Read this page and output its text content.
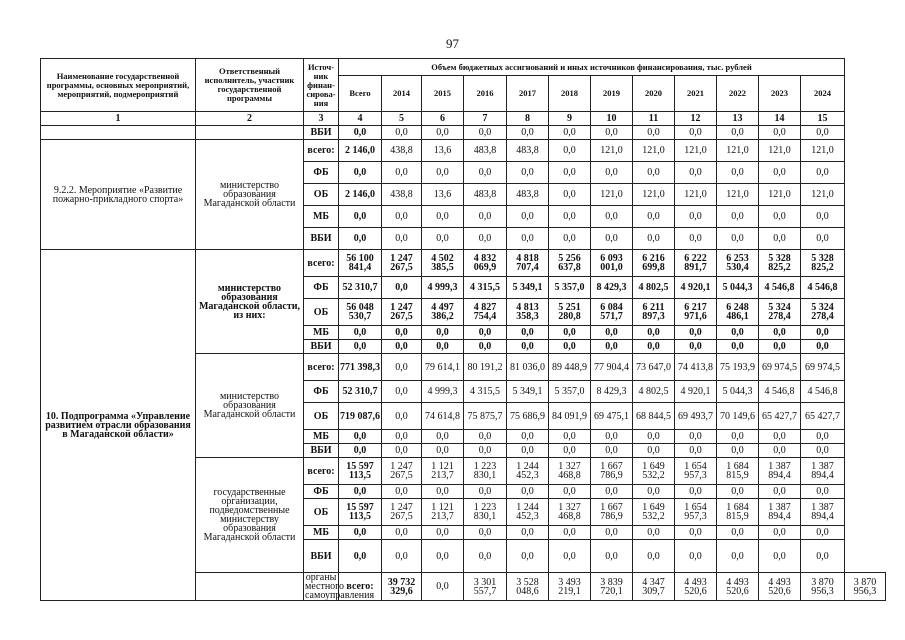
97
Наименование государственной программы, основных мероприятий, мероприятий, подмероприятий	Ответственный исполнитель, участник государственной программы	Источ-ник финан-сирова-ния	Объем бюджетных ассигнований и иных источников финансирования, тыс. рублей												
			Всего	2014	2015	2016	2017	2018	2019	2020	2021	2022	2023	2024	
1	2	3	4	5	6	7	8	9	10	11	12	13	14	15	
		ВБИ	0,0	0,0	0,0	0,0	0,0	0,0	0,0	0,0	0,0	0,0	0,0	0,0	
9.2.2. Мероприятие «Развитие пожарно-прикладного спорта»	министерство образования Магаданской области	всего:	2 146,0	438,8	13,6	483,8	483,8	0,0	121,0	121,0	121,0	121,0	121,0	121,0	
		ФБ	0,0	0,0	0,0	0,0	0,0	0,0	0,0	0,0	0,0	0,0	0,0	0,0	
		ОБ	2 146,0	438,8	13,6	483,8	483,8	0,0	121,0	121,0	121,0	121,0	121,0	121,0	
		МБ	0,0	0,0	0,0	0,0	0,0	0,0	0,0	0,0	0,0	0,0	0,0	0,0	
		ВБИ	0,0	0,0	0,0	0,0	0,0	0,0	0,0	0,0	0,0	0,0	0,0	0,0	
10. Подпрограмма «Управление развитием отрасли образования в Магаданской области»	министерство образования Магаданской области, из них:	всего:	56 100 841,4	1 247 267,5	4 502 385,5	4 832 069,9	4 818 707,4	5 256 637,8	6 093 001,0	6 216 699,8	6 222 891,7	6 253 530,4	5 328 825,2	5 328 825,2	
		ФБ	52 310,7	0,0	4 999,3	4 315,5	5 349,1	5 357,0	8 429,3	4 802,5	4 920,1	5 044,3	4 546,8	4 546,8	
		ОБ	56 048 530,7	1 247 267,5	4 497 386,2	4 827 754,4	4 813 358,3	5 251 280,8	6 084 571,7	6 211 897,3	6 217 971,6	6 248 486,1	5 324 278,4	5 324 278,4	
		МБ	0,0	0,0	0,0	0,0	0,0	0,0	0,0	0,0	0,0	0,0	0,0	0,0	
		ВБИ	0,0	0,0	0,0	0,0	0,0	0,0	0,0	0,0	0,0	0,0	0,0	0,0	
	министерство образования Магаданской области	всего:	771 398,3	0,0	79 614,1	80 191,2	81 036,0	89 448,9	77 904,4	73 647,0	74 413,8	75 193,9	69 974,5	69 974,5	
		ФБ	52 310,7	0,0	4 999,3	4 315,5	5 349,1	5 357,0	8 429,3	4 802,5	4 920,1	5 044,3	4 546,8	4 546,8	
		ОБ	719 087,6	0,0	74 614,8	75 875,7	75 686,9	84 091,9	69 475,1	68 844,5	69 493,7	70 149,6	65 427,7	65 427,7	
		МБ	0,0	0,0	0,0	0,0	0,0	0,0	0,0	0,0	0,0	0,0	0,0	0,0	
		ВБИ	0,0	0,0	0,0	0,0	0,0	0,0	0,0	0,0	0,0	0,0	0,0	0,0	
	государственные организации, подведомственные министерству образования Магаданской области	всего:	15 597 113,5	1 247 267,5	1 121 213,7	1 223 830,1	1 244 452,3	1 327 468,8	1 667 786,9	1 649 532,2	1 654 957,3	1 684 815,9	1 387 894,4	1 387 894,4	
		ФБ	0,0	0,0	0,0	0,0	0,0	0,0	0,0	0,0	0,0	0,0	0,0	0,0	
		ОБ	15 597 113,5	1 247 267,5	1 121 213,7	1 223 830,1	1 244 452,3	1 327 468,8	1 667 786,9	1 649 532,2	1 654 957,3	1 684 815,9	1 387 894,4	1 387 894,4	
		МБ	0,0	0,0	0,0	0,0	0,0	0,0	0,0	0,0	0,0	0,0	0,0	0,0	
		ВБИ	0,0	0,0	0,0	0,0	0,0	0,0	0,0	0,0	0,0	0,0	0,0	0,0	
		органы местного самоуправления	всего:	39 732 329,6	0,0	3 301 557,7	3 528 048,6	3 493 219,1	3 839 720,1	4 347 309,7	4 493 520,6	4 493 520,6	4 493 520,6	3 870 956,3	3 870 956,3
